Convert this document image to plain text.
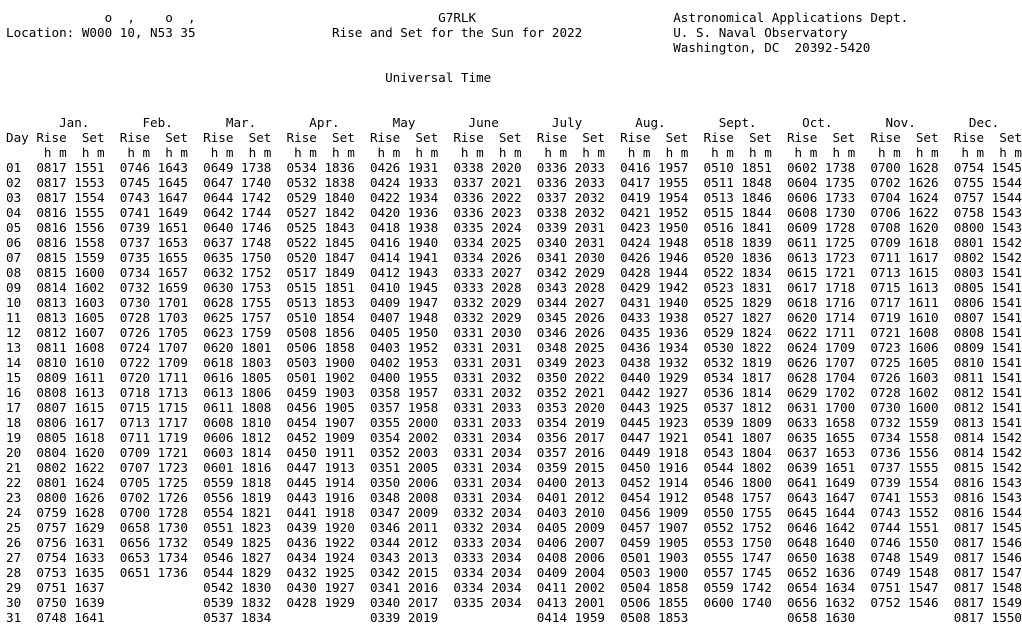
o  ,    o  ,                                G7RLK                          Astronomical Applications Dept.
Location: W000 10, N53 35                  Rise and Set for the Sun for 2022            U. S. Naval Observatory
Washington, DC  20392-5420
Universal Time
Jan.       Feb.       Mar.       Apr.       May       June       July       Aug.       Sept.      Oct.       Nov.       Dec.
Day Rise  Set  Rise  Set  Rise  Set  Rise  Set  Rise  Set  Rise  Set  Rise  Set  Rise  Set  Rise  Set  Rise  Set  Rise  Set  Rise  Set
h m  h m   h m  h m   h m  h m   h m  h m   h m  h m   h m  h m   h m  h m   h m  h m   h m  h m   h m  h m   h m  h m   h m  h m
01  0817 1551  0746 1643  0649 1738  0534 1836  0426 1931  0338 2020  0336 2033  0416 1957  0510 1851  0602 1738  0700 1628  0754 1545
02  0817 1553  0745 1645  0647 1740  0532 1838  0424 1933  0337 2021  0336 2033  0417 1955  0511 1848  0604 1735  0702 1626  0755 1544
03  0817 1554  0743 1647  0644 1742  0529 1840  0422 1934  0336 2022  0337 2032  0419 1954  0513 1846  0606 1733  0704 1624  0757 1544
04  0816 1555  0741 1649  0642 1744  0527 1842  0420 1936  0336 2023  0338 2032  0421 1952  0515 1844  0608 1730  0706 1622  0758 1543
05  0816 1556  0739 1651  0640 1746  0525 1843  0418 1938  0335 2024  0339 2031  0423 1950  0516 1841  0609 1728  0708 1620  0800 1543
06  0816 1558  0737 1653  0637 1748  0522 1845  0416 1940  0334 2025  0340 2031  0424 1948  0518 1839  0611 1725  0709 1618  0801 1542
07  0815 1559  0735 1655  0635 1750  0520 1847  0414 1941  0334 2026  0341 2030  0426 1946  0520 1836  0613 1723  0711 1617  0802 1542
08  0815 1600  0734 1657  0632 1752  0517 1849  0412 1943  0333 2027  0342 2029  0428 1944  0522 1834  0615 1721  0713 1615  0803 1541
09  0814 1602  0732 1659  0630 1753  0515 1851  0410 1945  0333 2028  0343 2028  0429 1942  0523 1831  0617 1718  0715 1613  0805 1541
10  0813 1603  0730 1701  0628 1755  0513 1853  0409 1947  0332 2029  0344 2027  0431 1940  0525 1829  0618 1716  0717 1611  0806 1541
11  0813 1605  0728 1703  0625 1757  0510 1854  0407 1948  0332 2029  0345 2026  0433 1938  0527 1827  0620 1714  0719 1610  0807 1541
12  0812 1607  0726 1705  0623 1759  0508 1856  0405 1950  0331 2030  0346 2026  0435 1936  0529 1824  0622 1711  0721 1608  0808 1541
13  0811 1608  0724 1707  0620 1801  0506 1858  0403 1952  0331 2031  0348 2025  0436 1934  0530 1822  0624 1709  0723 1606  0809 1541
14  0810 1610  0722 1709  0618 1803  0503 1900  0402 1953  0331 2031  0349 2023  0438 1932  0532 1819  0626 1707  0725 1605  0810 1541
15  0809 1611  0720 1711  0616 1805  0501 1902  0400 1955  0331 2032  0350 2022  0440 1929  0534 1817  0628 1704  0726 1603  0811 1541
16  0808 1613  0718 1713  0613 1806  0459 1903  0358 1957  0331 2032  0352 2021  0442 1927  0536 1814  0629 1702  0728 1602  0812 1541
17  0807 1615  0715 1715  0611 1808  0456 1905  0357 1958  0331 2033  0353 2020  0443 1925  0537 1812  0631 1700  0730 1600  0812 1541
18  0806 1617  0713 1717  0608 1810  0454 1907  0355 2000  0331 2033  0354 2019  0445 1923  0539 1809  0633 1658  0732 1559  0813 1541
19  0805 1618  0711 1719  0606 1812  0452 1909  0354 2002  0331 2034  0356 2017  0447 1921  0541 1807  0635 1655  0734 1558  0814 1542
20  0804 1620  0709 1721  0603 1814  0450 1911  0352 2003  0331 2034  0357 2016  0449 1918  0543 1804  0637 1653  0736 1556  0814 1542
21  0802 1622  0707 1723  0601 1816  0447 1913  0351 2005  0331 2034  0359 2015  0450 1916  0544 1802  0639 1651  0737 1555  0815 1542
22  0801 1624  0705 1725  0559 1818  0445 1914  0350 2006  0331 2034  0400 2013  0452 1914  0546 1800  0641 1649  0739 1554  0816 1543
23  0800 1626  0702 1726  0556 1819  0443 1916  0348 2008  0331 2034  0401 2012  0454 1912  0548 1757  0643 1647  0741 1553  0816 1543
24  0759 1628  0700 1728  0554 1821  0441 1918  0347 2009  0332 2034  0403 2010  0456 1909  0550 1755  0645 1644  0743 1552  0816 1544
25  0757 1629  0658 1730  0551 1823  0439 1920  0346 2011  0332 2034  0405 2009  0457 1907  0552 1752  0646 1642  0744 1551  0817 1545
26  0756 1631  0656 1732  0549 1825  0436 1922  0344 2012  0333 2034  0406 2007  0459 1905  0553 1750  0648 1640  0746 1550  0817 1546
27  0754 1633  0653 1734  0546 1827  0434 1924  0343 2013  0333 2034  0408 2006  0501 1903  0555 1747  0650 1638  0748 1549  0817 1546
28  0753 1635  0651 1736  0544 1829  0432 1925  0342 2015  0334 2034  0409 2004  0503 1900  0557 1745  0652 1636  0749 1548  0817 1547
29  0751 1637             0542 1830  0430 1927  0341 2016  0334 2034  0411 2002  0504 1858  0559 1742  0654 1634  0751 1547  0817 1548
30  0750 1639             0539 1832  0428 1929  0340 2017  0335 2034  0413 2001  0506 1855  0600 1740  0656 1632  0752 1546  0817 1549
31  0748 1641             0537 1834             0339 2019             0414 1959  0508 1853             0658 1630             0817 1550
